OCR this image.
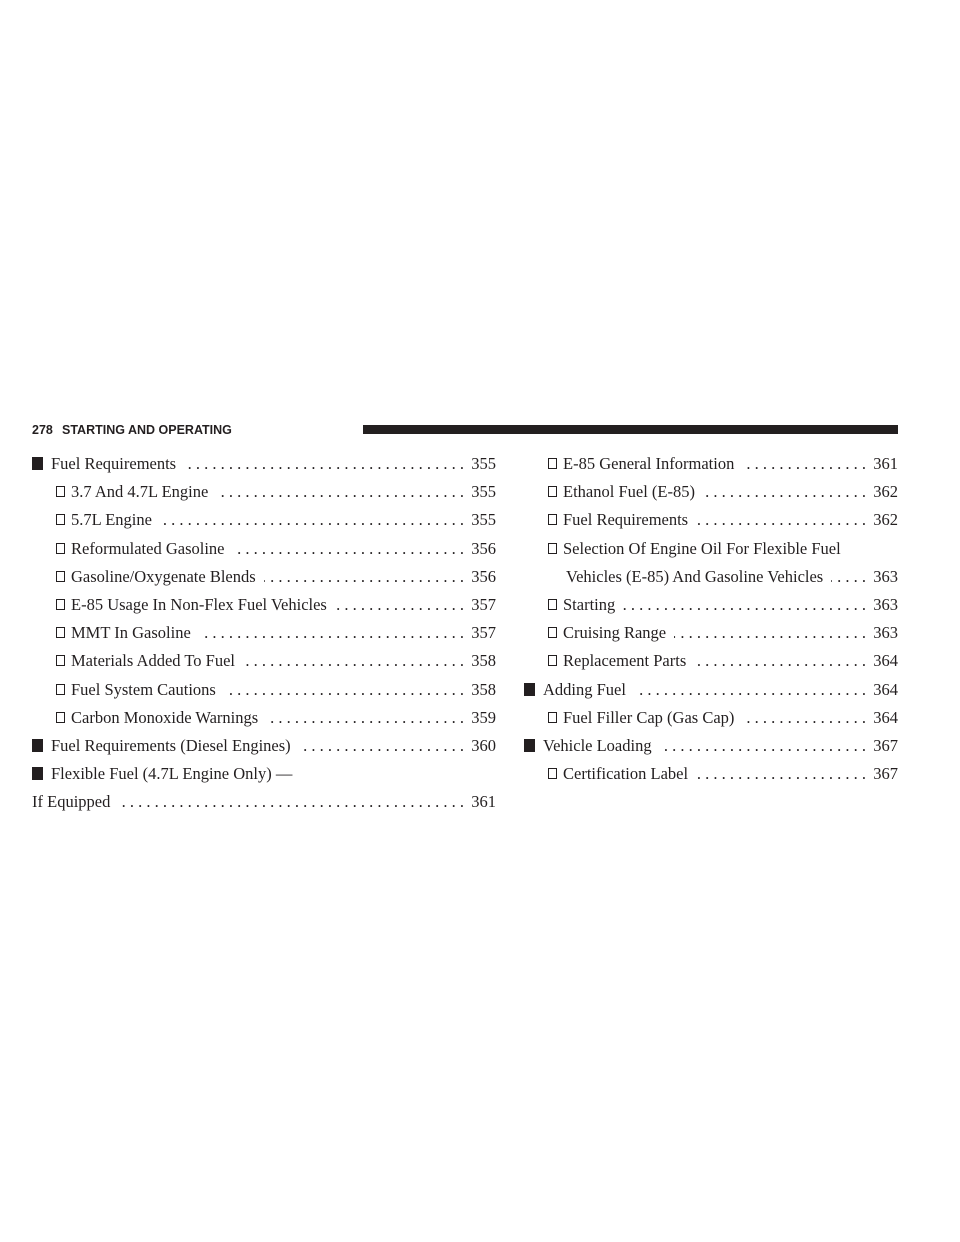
278 STARTING AND OPERATING
Fuel Requirements . . .	355
3.7 And 4.7L Engine . . .	355
5.7L Engine . . .	355
Reformulated Gasoline . . .	356
Gasoline/Oxygenate Blends . . .	356
E-85 Usage In Non-Flex Fuel Vehicles . . .	357
MMT In Gasoline . . .	357
Materials Added To Fuel . . .	358
Fuel System Cautions . . .	358
Carbon Monoxide Warnings . . .	359
Fuel Requirements (Diesel Engines) . . .	360
Flexible Fuel (4.7L Engine Only) —
If Equipped . . .	361
E-85 General Information . . .	361
Ethanol Fuel (E-85) . . .	362
Fuel Requirements . . .	362
Selection Of Engine Oil For Flexible Fuel
Vehicles (E-85) And Gasoline Vehicles . . .	363
Starting . . .	363
Cruising Range . . .	363
Replacement Parts . . .	364
Adding Fuel . . .	364
Fuel Filler Cap (Gas Cap) . . .	364
Vehicle Loading . . .	367
Certification Label . . .	367
